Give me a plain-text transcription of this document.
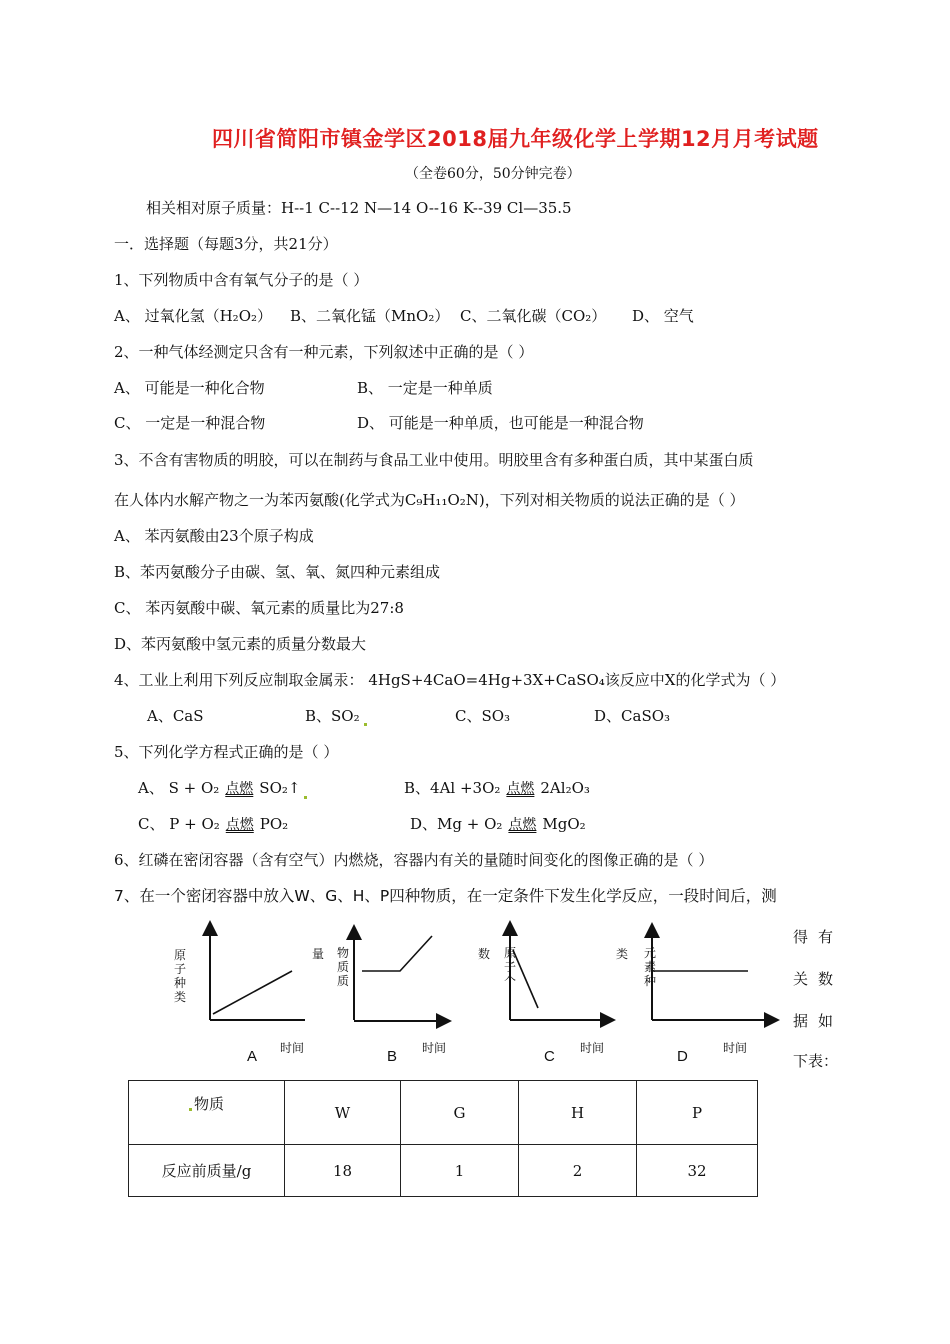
四川省简阳市镇金学区2018届九年级化学上学期12月月考试题
（全卷60分，50分钟完卷）
相关相对原子质量：H--1 C--12 N—14 O--16 K--39 Cl—35.5
一．选择题（每题3分，共21分）
1、下列物质中含有氧气分子的是（ ）
A、 过氧化氢（H₂O₂） B、二氧化锰（MnO₂） C、二氧化碳（CO₂） D、 空气
2、一种气体经测定只含有一种元素，下列叙述中正确的是（ ）
A、 可能是一种化合物	B、 一定是一种单质
C、 一定是一种混合物	D、 可能是一种单质，也可能是一种混合物
3、不含有害物质的明胶，可以在制药与食品工业中使用。明胶里含有多种蛋白质，其中某蛋白质
在人体内水解产物之一为苯丙氨酸(化学式为C₉H₁₁O₂N)，下列对相关物质的说法正确的是（ ）
A、 苯丙氨酸由23个原子构成
B、苯丙氨酸分子由碳、氢、氧、氮四种元素组成
C、 苯丙氨酸中碳、氧元素的质量比为27:8
D、苯丙氨酸中氢元素的质量分数最大
4、工业上利用下列反应制取金属汞： 4HgS+4CaO=4Hg+3X+CaSO₄该反应中X的化学式为（ ）
A、CaS	B、SO₂	C、SO₃	D、CaSO₃
5、下列化学方程式正确的是（ ）
A、 S + O₂ 点燃 SO₂↑	B、4Al +3O₂ 点燃 2Al₂O₃
C、 P + O₂ 点燃 PO₂	D、Mg + O₂ 点燃 MgO₂
6、红磷在密闭容器（含有空气）内燃烧，容器内有关的量随时间变化的图像正确的是（ ）
7、在一个密闭容器中放入W、G、H、P四种物质，在一定条件下发生化学反应，一段时间后，测
得有
关数
据如
下表：
原子种类
时间
A
量 物质质
时间
B
数 原子个
时间
C
类 元素种
时间
D
物质	W	G	H	P
反应前质量/g	18	1	2	32
